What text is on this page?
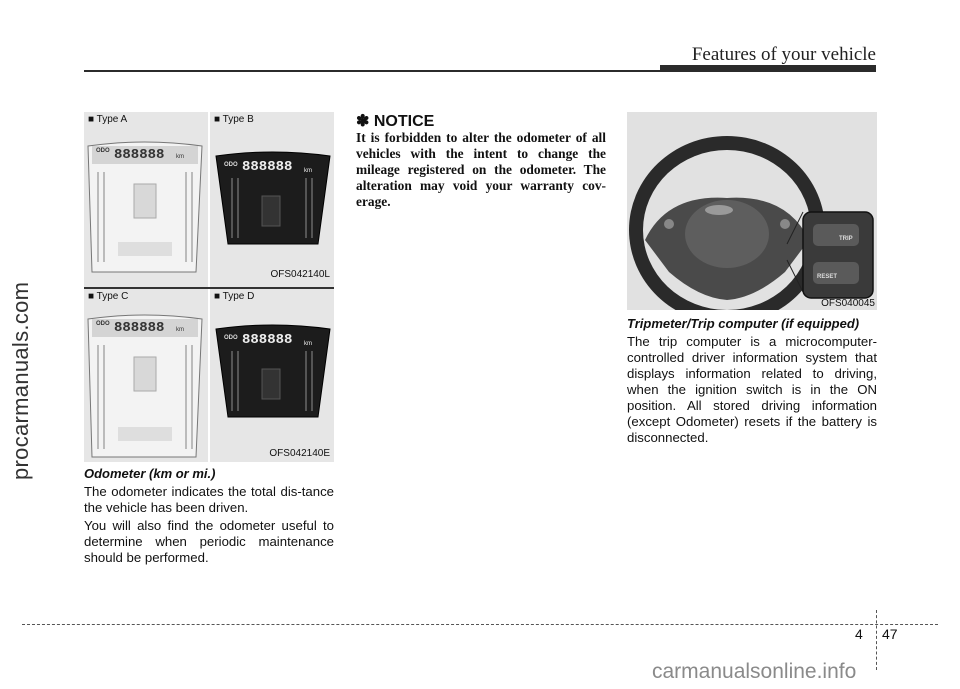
Features of your vehicle
procarmanuals.com
carmanualsonline.info
■ Type A
ODO 888888 km
■ Type B
ODO 888888 km
OFS042140L
■ Type C
ODO 888888 km
■ Type D
ODO 888888 km
OFS042140E
Odometer (km or mi.)

The odometer indicates the total dis-tance the vehicle has been driven.

You will also find the odometer useful to determine when periodic maintenance should be performed.

✽ NOTICE
It is forbidden to alter the odometer of all vehicles with the intent to change the mileage registered on the odometer. The alteration may void your warranty cov-erage.
TRIP
RESET
OFS040045
Tripmeter/Trip computer (if equipped)

The trip computer is a microcomputer-controlled driver information system that displays information related to driving, when the ignition switch is in the ON position. All stored driving information (except Odometer) resets if the battery is disconnected.

4 47
